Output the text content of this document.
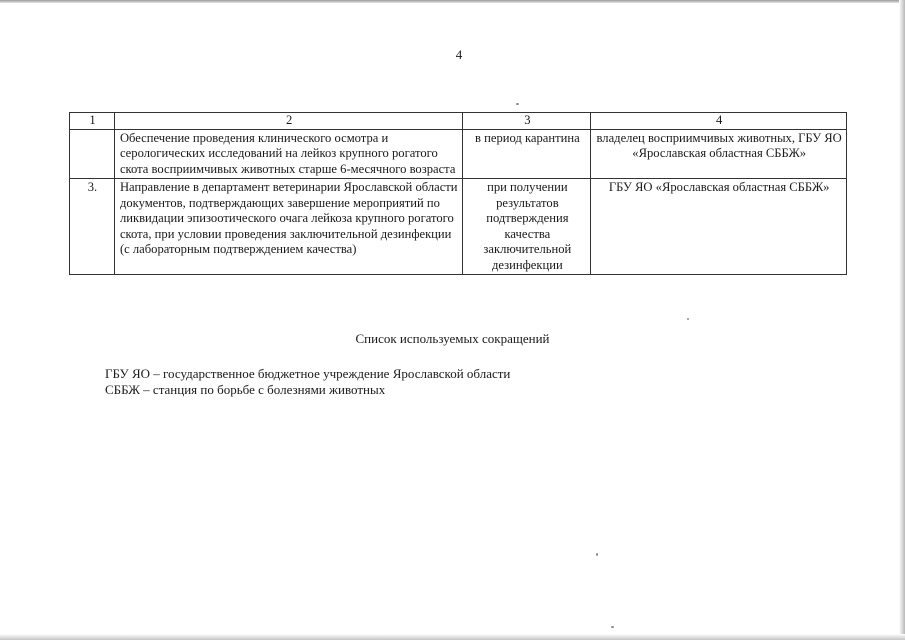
4
1	2	3	4
	Обеспечение проведения клинического осмотра и серологических исследований на лейкоз крупного рогатого скота восприимчивых животных старше 6-месячного возраста	в период карантина	владелец восприимчивых животных, ГБУ ЯО «Ярославская областная СББЖ»
3.	Направление в департамент ветеринарии Ярославской области документов, подтверждающих завершение мероприятий по ликвидации эпизоотического очага лейкоза крупного рогатого скота, при условии проведения заключительной дезинфекции (с лабораторным подтверждением качества)	при получении результатов подтверждения качества заключительной дезинфекции	ГБУ ЯО «Ярославская областная СББЖ»
Список используемых сокращений
ГБУ ЯО – государственное бюджетное учреждение Ярославской области
СББЖ – станция по борьбе с болезнями животных
